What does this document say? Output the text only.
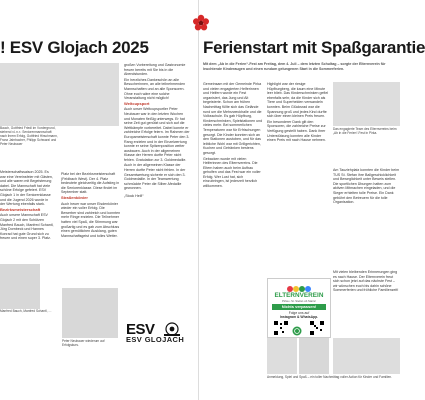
! ESV Glojach 2025
Bauch, Gottfried Friedl im Vordergrund, stehend v.l.n.r.: Seniorenmannschaft nach ihrem Erfolg, Gottfried Hirschmann, Franz Jahrbacher, Philipp Schwarzl und Peter Neubauer

Meisterschaftssaison 2025. Es war eine Vereinsfeier mit Gästen, und alle waren mit Begeisterung dabei. Die Mannschaft hat viele schöne Erfolge gefeiert. ESV Glojach 1 in der Seniorenklasse und die Jugend 2026 wurde in der Wertung ebenfalls stark.

Bezirksmeisterschaft

Auch unsere Mannschaft ESV Glojach 2 mit den Schützen Manfred Bauch, Manfred Schantl, Jörg Dornbeck und Hannes Konrad hat gute Grund sich zu freuen und einen super 3. Platz.

Manfred Bauch, Manfred Schantl, …

Platz bei der Bezirksmeisterschaft (Feldbach West). Der 4. Platz bedeutete gleichzeitig die Aufstieg in die Seniorenklasse. Diese findet im September statt.

Straßenkönier

Auch heuer war unser Eisdenkönier wieder ein voller Erfolg. Die Bewerber sind zahlreich und konnten mehr Ringe erzielen. Die Teilnehmer hatten viel Spaß, die Stimmung war großartig und es gab zum Abschluss einen gemütlichen Ausklang, guten Mannschaftsgeist und tolles Wetter.

Peter Neubauer wiederum auf Erfolgskurs.

großen Vorbereitung und Gastronomie freuen bereits mit Sie bis in die Abendstunden.

Ein herzliches Dankeschön an alle Besucherinnen, an alle teilnehmenden Mannschaften und an alle Sponsoren. Ohne euch wäre eine solche Veranstaltung nicht möglich!

Weltcupsport

Auch unser Weltcupsportler Peter Neubauer war in den letzten Wochen und Monaten fleißig unterwegs. Er hat seine Zeit gut genützt und sich auf die Wettkämpfe vorbereitet. Dabei konnte er zahlreiche Erfolge feiern. Im Rahmen der Europameisterschaft konnte Peter den 3. Rang erzielen und in der Einzelwertung konnte er seine Spitzenposition weiter ausbauen. Auch in der allgemeinen Klasse der Herren durfte Peter nicht fehlen. Gratulation zur 3. Goldmedaille.

Auch in der allgemeinen Klasse der Herren durfte Peter nicht fehlen. In der Gesamtwertung sicherte er sich den 3. Goldmedaille. In der Teamwertung schmückte Peter die Silber-Medaille gewonnen.

„Stock Heil!“

ESV
ESV GLOJACH
Ferienstart mit Spaßgarantie
Mit dem „Ab in die Ferien“-Fest am Freitag, dem 4. Juli – dem letzten Schultag – sorgte der Elternverein für leuchtende Kinderaugen und einen rundum gelungenen Start in die Sommerferien.

Gemeinsam mit der Gemeinde Pirka und vielen engagierten Helferinnen und Helfern wurde ein Fest organisiert, das Jung und Alt begeisterte. Schon am frühen Nachmittag füllte sich das Gelände rund um die Mehrzweckhalle und die Volksschule. Es gab Hüpfburg, Kinderschminken, Spielstationen und vieles mehr. Bei sommerlichen Temperaturen war für Erfrischungen gesorgt. Die Kinder konnten sich an den Stationen austoben, und für das leibliche Wohl war mit Grillgerichten, Kuchen und Getränken bestens gesorgt.

Gebacken wurde mit vielen Helferinnen des Elternvereins. Die Eltern haben auch beim Aufbau geholfen und das Fest war ein voller Erfolg. Wer Lust hat, sich einzubringen, ist jederzeit herzlich willkommen.

Highlight war der riesige Hüpfburgberg, die kaum eine Minute leer blieb. Das Kinderschminken gefiel ebenfalls sehr, da die Kinder sich als Tiere und Superhelden verwandeln konnten. Beim Glücksrad war die Spannung groß und jedes Kind durfte sich über einen kleinen Preis freuen.

Ein besonderer Dank gilt den Sponsoren, die zahlreiche Preise zur Verfügung gestellt haben. Dank ihrer Unterstützung konnten alle Kinder einen Preis mit nach Hause nehmen.

ELTERNVEREIN
Pirka • St. Stefan ob Stainz
Nichts verpassen!
Folge uns auf
Instagram & WhatsApp.
Anmeldung, Spiel und Spaß – ein toller Nachmittag voller Action für Kinder und Familien.
Das engagierte Team des Elternvereins beim „Ab in die Ferien“-Fest in Pirka.

Am Tauziehplatz konnten die Kinder beim TUS St. Stefan ihre Ballgeschicklichkeit und Beweglichkeit unter Beweis stellen. Die sportlichen Übungen hatten zum aktiven Mitmachen eingeladen, und die Sieger erhielten tolle Preise. Ein Dank gebührt den Betreuern für die tolle Organisation.

Mit vielen bleibenden Erinnerungen ging es nach Hause. Der Elternverein freut sich schon jetzt auf das nächste Fest – wir wünschen euch bis dahin schöne Sommerferien und fröhliche Familienzeit!
